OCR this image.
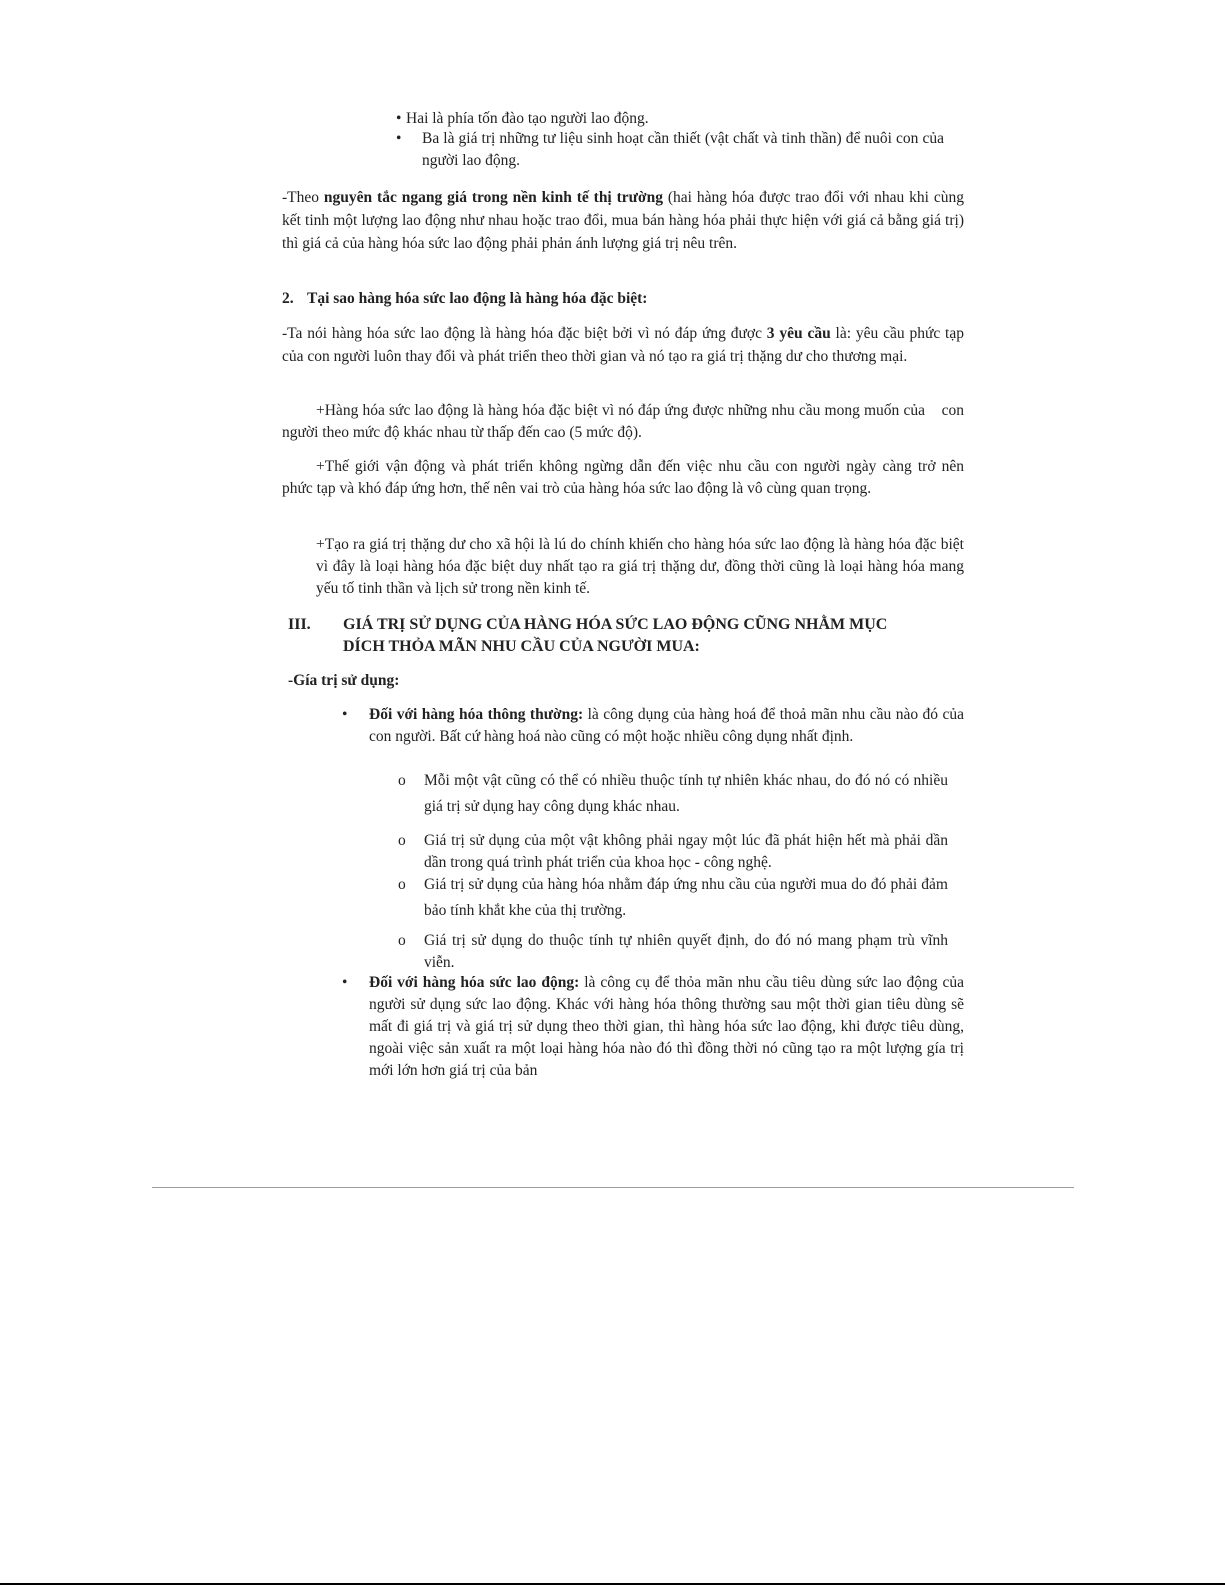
• Hai là phía tốn đào tạo người lao động.
• Ba là giá trị những tư liệu sinh hoạt cần thiết (vật chất và tinh thần) để nuôi con của người lao động.
-Theo nguyên tắc ngang giá trong nền kinh tế thị trường (hai hàng hóa được trao đổi với nhau khi cùng kết tinh một lượng lao động như nhau hoặc trao đổi, mua bán hàng hóa phải thực hiện với giá cả bằng giá trị) thì giá cả của hàng hóa sức lao động phải phản ánh lượng giá trị nêu trên.
2. Tại sao hàng hóa sức lao động là hàng hóa đặc biệt:
-Ta nói hàng hóa sức lao động là hàng hóa đặc biệt bởi vì nó đáp ứng được 3 yêu cầu là: yêu cầu phức tạp của con người luôn thay đổi và phát triển theo thời gian và nó tạo ra giá trị thặng dư cho thương mại.
+Hàng hóa sức lao động là hàng hóa đặc biệt vì nó đáp ứng được những nhu cầu mong muốn của    con người theo mức độ khác nhau từ thấp đến cao (5 mức độ).
+Thế giới vận động và phát triển không ngừng dẫn đến việc nhu cầu con người ngày càng trở nên       phức tạp và khó đáp ứng hơn, thế nên vai trò của hàng hóa sức lao động là vô cùng quan trọng.
+Tạo ra giá trị thặng dư cho xã hội là lú do chính khiến cho hàng hóa sức lao động là hàng hóa đặc biệt vì đây là loại hàng hóa đặc biệt duy nhất tạo ra giá trị thặng dư, đồng thời cũng là loại hàng hóa mang yếu tố tinh thần và lịch sử trong nền kinh tế.
III. GIÁ TRỊ SỬ DỤNG CỦA HÀNG HÓA SỨC LAO ĐỘNG CŨNG NHẰM MỤC
DÍCH THỎA MÃN NHU CẦU CỦA NGƯỜI MUA:
-Gía trị sử dụng:
• Đối với hàng hóa thông thường: là công dụng của hàng hoá để thoả mãn nhu cầu nào đó của con người. Bất cứ hàng hoá nào cũng có một hoặc nhiều công dụng nhất định.
o Mỗi một vật cũng có thể có nhiều thuộc tính tự nhiên khác nhau, do đó nó có nhiều giá trị sử dụng hay công dụng khác nhau.
o Giá trị sử dụng của một vật không phải ngay một lúc đã phát hiện hết mà phải dần dần trong quá trình phát triển của khoa học - công nghệ.
o Giá trị sử dụng của hàng hóa nhằm đáp ứng nhu cầu của người mua do đó phải đảm bảo tính khắt khe của thị trường.
o Giá trị sử dụng do thuộc tính tự nhiên quyết định, do đó nó mang phạm trù vĩnh viễn.
• Đối với hàng hóa sức lao động: là công cụ để thỏa mãn nhu cầu tiêu dùng sức lao động của người sử dụng sức lao động. Khác với hàng hóa thông thường sau một thời gian tiêu dùng sẽ mất đi giá trị và giá trị sử dụng theo thời gian, thì hàng hóa sức lao động, khi được tiêu dùng, ngoài việc sản xuất ra một loại hàng hóa nào đó thì đồng thời nó cũng tạo ra một lượng gía trị mới lớn hơn giá trị của bản
